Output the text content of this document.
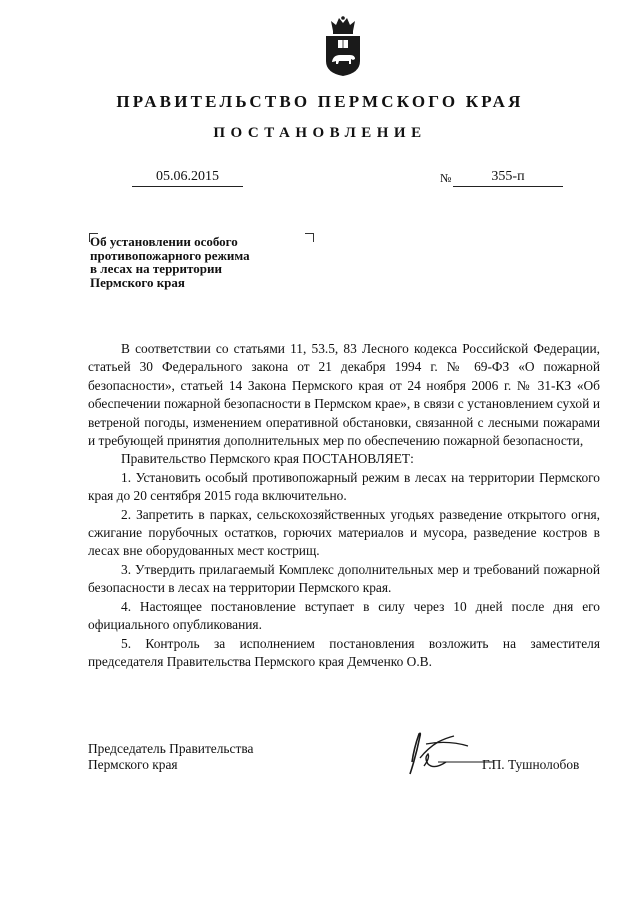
ПРАВИТЕЛЬСТВО ПЕРМСКОГО КРАЯ
ПОСТАНОВЛЕНИЕ
05.06.2015	№	355-п
Об установлении особого
противопожарного режима
в лесах на территории
Пермского края

В соответствии со статьями 11, 53.5, 83 Лесного кодекса Российской Федерации, статьей 30 Федерального закона от 21 декабря 1994 г. № 69-ФЗ «О пожарной безопасности», статьей 14 Закона Пермского края от 24 ноября 2006 г. № 31-КЗ «Об обеспечении пожарной безопасности в Пермском крае», в связи с установлением сухой и ветреной погоды, изменением оперативной обстановки, связанной с лесными пожарами и требующей принятия дополнительных мер по обеспечению пожарной безопасности,

Правительство Пермского края ПОСТАНОВЛЯЕТ:

1. Установить особый противопожарный режим в лесах на территории Пермского края до 20 сентября 2015 года включительно.

2. Запретить в парках, сельскохозяйственных угодьях разведение открытого огня, сжигание порубочных остатков, горючих материалов и мусора, разведение костров в лесах вне оборудованных мест кострищ.

3. Утвердить прилагаемый Комплекс дополнительных мер и требований пожарной безопасности в лесах на территории Пермского края.

4. Настоящее постановление вступает в силу через 10 дней после дня его официального опубликования.

5. Контроль за исполнением постановления возложить на заместителя председателя Правительства Пермского края Демченко О.В.

Председатель Правительства
Пермского края	Г.П. Тушнолобов
